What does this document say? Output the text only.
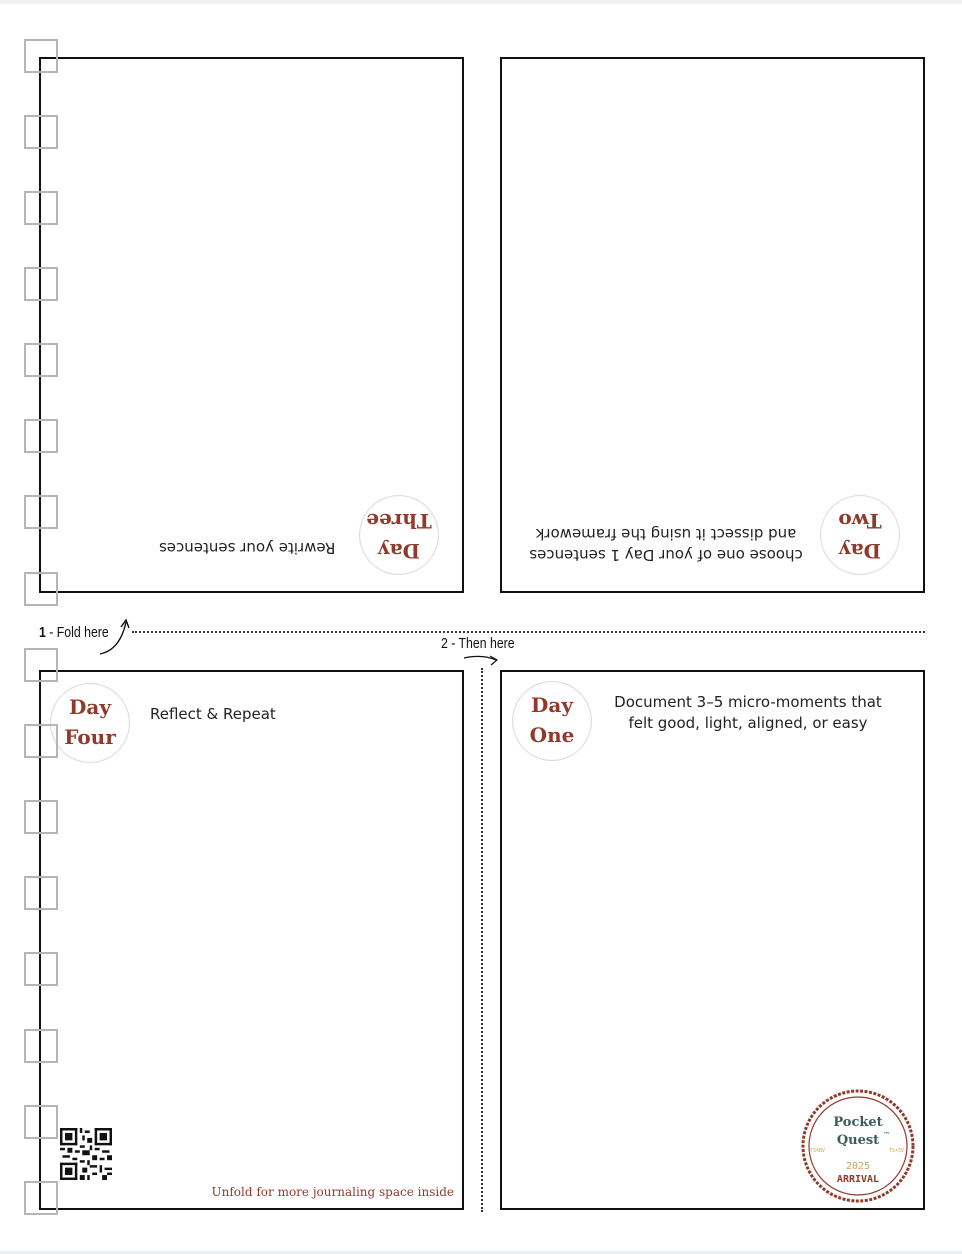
Day
Three
Rewrite your sentences	Day
Two
choose one of your Day 1 sentences
and dissect it using the framework
Day
Four
Reflect & Repeat	Day
One
Document 3–5 micro-moments that
felt good, light, aligned, or easy
1 - Fold here
2 - Then here
Unfold for more journaling space inside
Pocket
Quest ™
TS4BV	TS+3V
2025
ARRIVAL
